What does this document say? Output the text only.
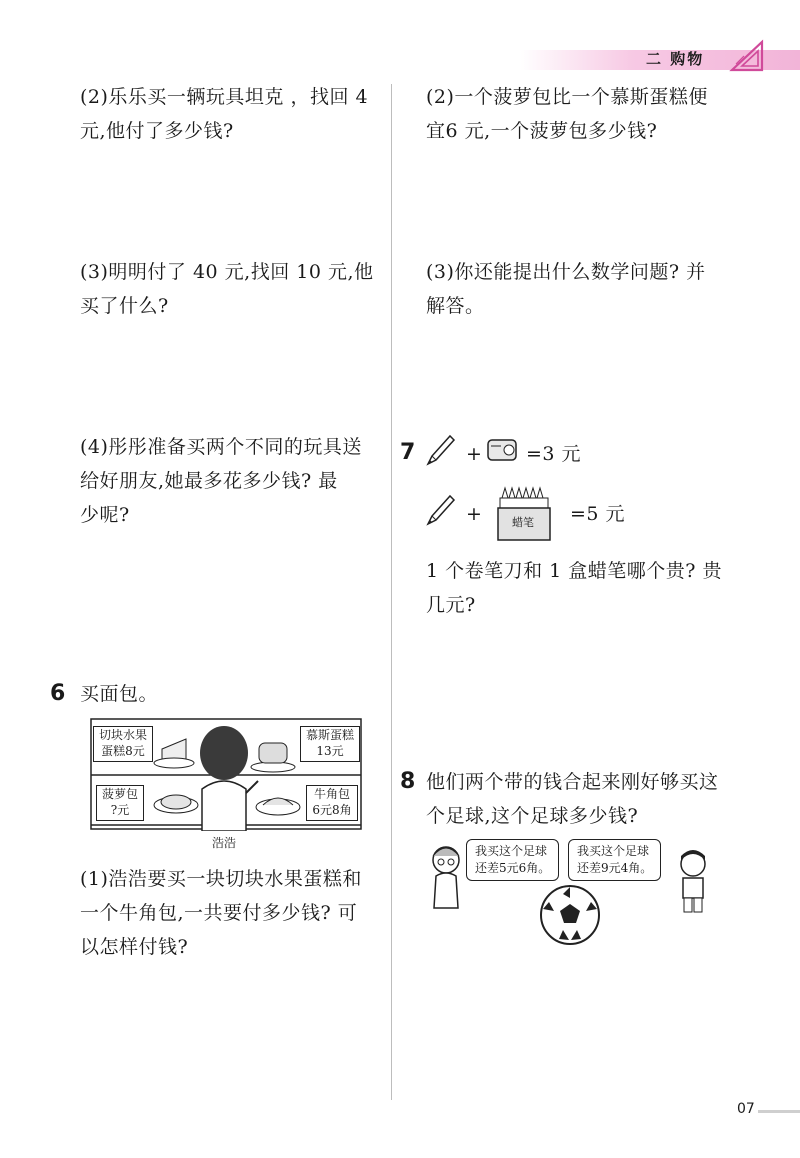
二 购物
(2)乐乐买一辆玩具坦克 ，找回 4
元,他付了多少钱?
(3)明明付了 40 元,找回 10 元,他
买了什么?
(4)彤彤准备买两个不同的玩具送
给好朋友,她最多花多少钱? 最
少呢?
6 买面包。
切块水果
蛋糕8元
慕斯蛋糕
13元
菠萝包
?元
牛角包
6元8角
浩浩
(1)浩浩要买一块切块水果蛋糕和
一个牛角包,一共要付多少钱? 可
以怎样付钱?
(2)一个菠萝包比一个慕斯蛋糕便
宜6 元,一个菠萝包多少钱?
(3)你还能提出什么数学问题? 并
解答。
7	+ =3 元
+	蜡笔 =5 元
1 个卷笔刀和 1 盒蜡笔哪个贵? 贵
几元?
8 他们两个带的钱合起来刚好够买这
个足球,这个足球多少钱?
我买这个足球
还差5元6角。
我买这个足球
还差9元4角。
07
